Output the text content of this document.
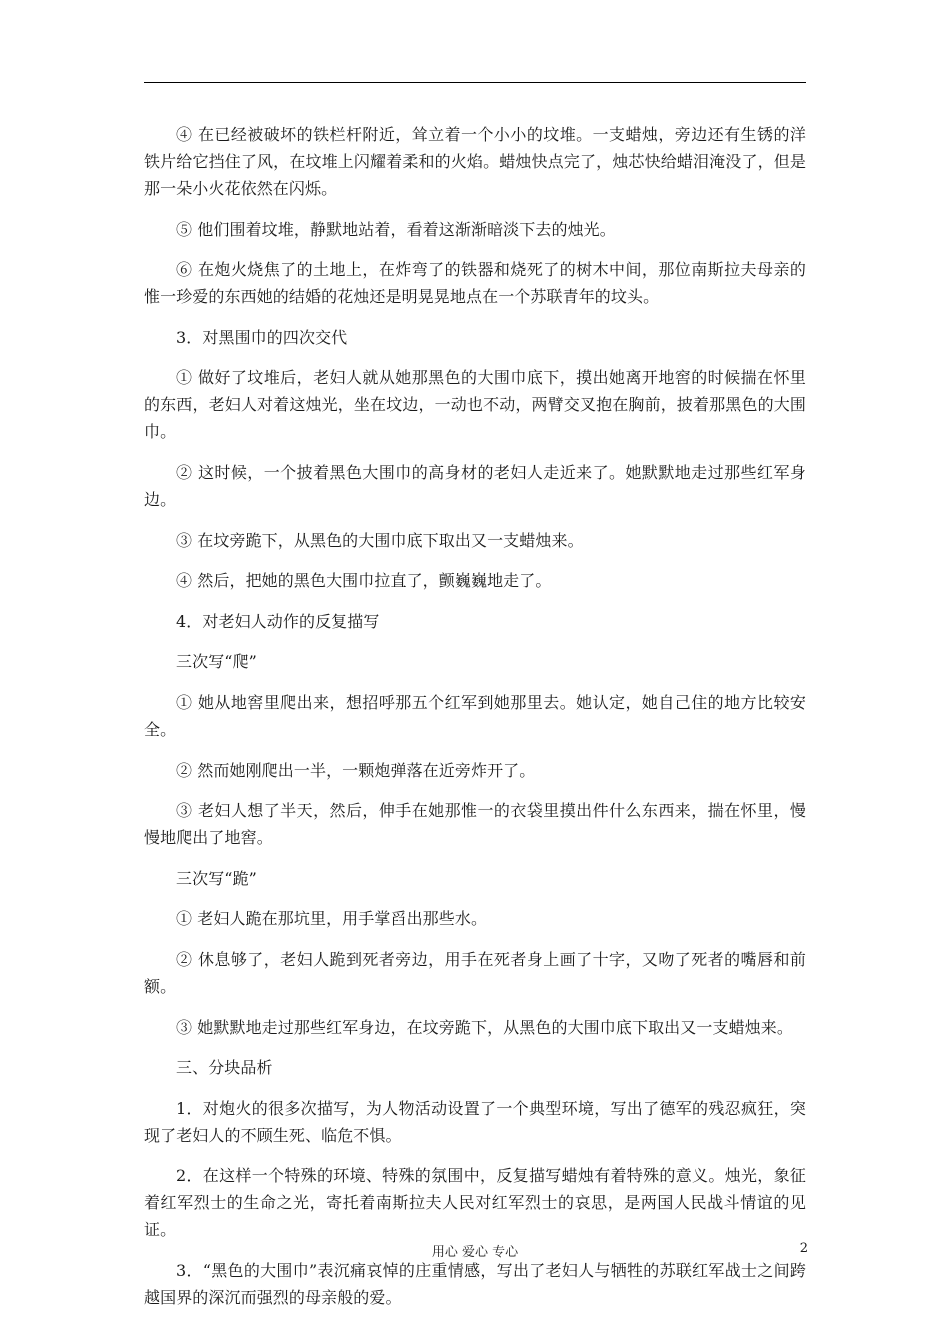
④ 在已经被破坏的铁栏杆附近，耸立着一个小小的坟堆。一支蜡烛，旁边还有生锈的洋铁片给它挡住了风，在坟堆上闪耀着柔和的火焰。蜡烛快点完了，烛芯快给蜡泪淹没了，但是那一朵小火花依然在闪烁。

⑤ 他们围着坟堆，静默地站着，看着这渐渐暗淡下去的烛光。

⑥ 在炮火烧焦了的土地上，在炸弯了的铁器和烧死了的树木中间，那位南斯拉夫母亲的惟一珍爱的东西她的结婚的花烛还是明晃晃地点在一个苏联青年的坟头。

3．对黑围巾的四次交代

① 做好了坟堆后，老妇人就从她那黑色的大围巾底下，摸出她离开地窖的时候揣在怀里的东西，老妇人对着这烛光，坐在坟边，一动也不动，两臂交叉抱在胸前，披着那黑色的大围巾。

② 这时候，一个披着黑色大围巾的高身材的老妇人走近来了。她默默地走过那些红军身边。

③ 在坟旁跪下，从黑色的大围巾底下取出又一支蜡烛来。

④ 然后，把她的黑色大围巾拉直了，颤巍巍地走了。

4．对老妇人动作的反复描写

三次写“爬”

① 她从地窖里爬出来，想招呼那五个红军到她那里去。她认定，她自己住的地方比较安全。

② 然而她刚爬出一半，一颗炮弹落在近旁炸开了。

③ 老妇人想了半天，然后，伸手在她那惟一的衣袋里摸出件什么东西来，揣在怀里，慢慢地爬出了地窖。

三次写“跪”

① 老妇人跪在那坑里，用手掌舀出那些水。

② 休息够了，老妇人跪到死者旁边，用手在死者身上画了十字，又吻了死者的嘴唇和前额。

③ 她默默地走过那些红军身边，在坟旁跪下，从黑色的大围巾底下取出又一支蜡烛来。

三、分块品析

1．对炮火的很多次描写，为人物活动设置了一个典型环境，写出了德军的残忍疯狂，突现了老妇人的不顾生死、临危不惧。

2．在这样一个特殊的环境、特殊的氛围中，反复描写蜡烛有着特殊的意义。烛光，象征着红军烈士的生命之光，寄托着南斯拉夫人民对红军烈士的哀思，是两国人民战斗情谊的见证。

3．“黑色的大围巾”表沉痛哀悼的庄重情感，写出了老妇人与牺牲的苏联红军战士之间跨越国界的深沉而强烈的母亲般的爱。

用心 爱心 专心	2
